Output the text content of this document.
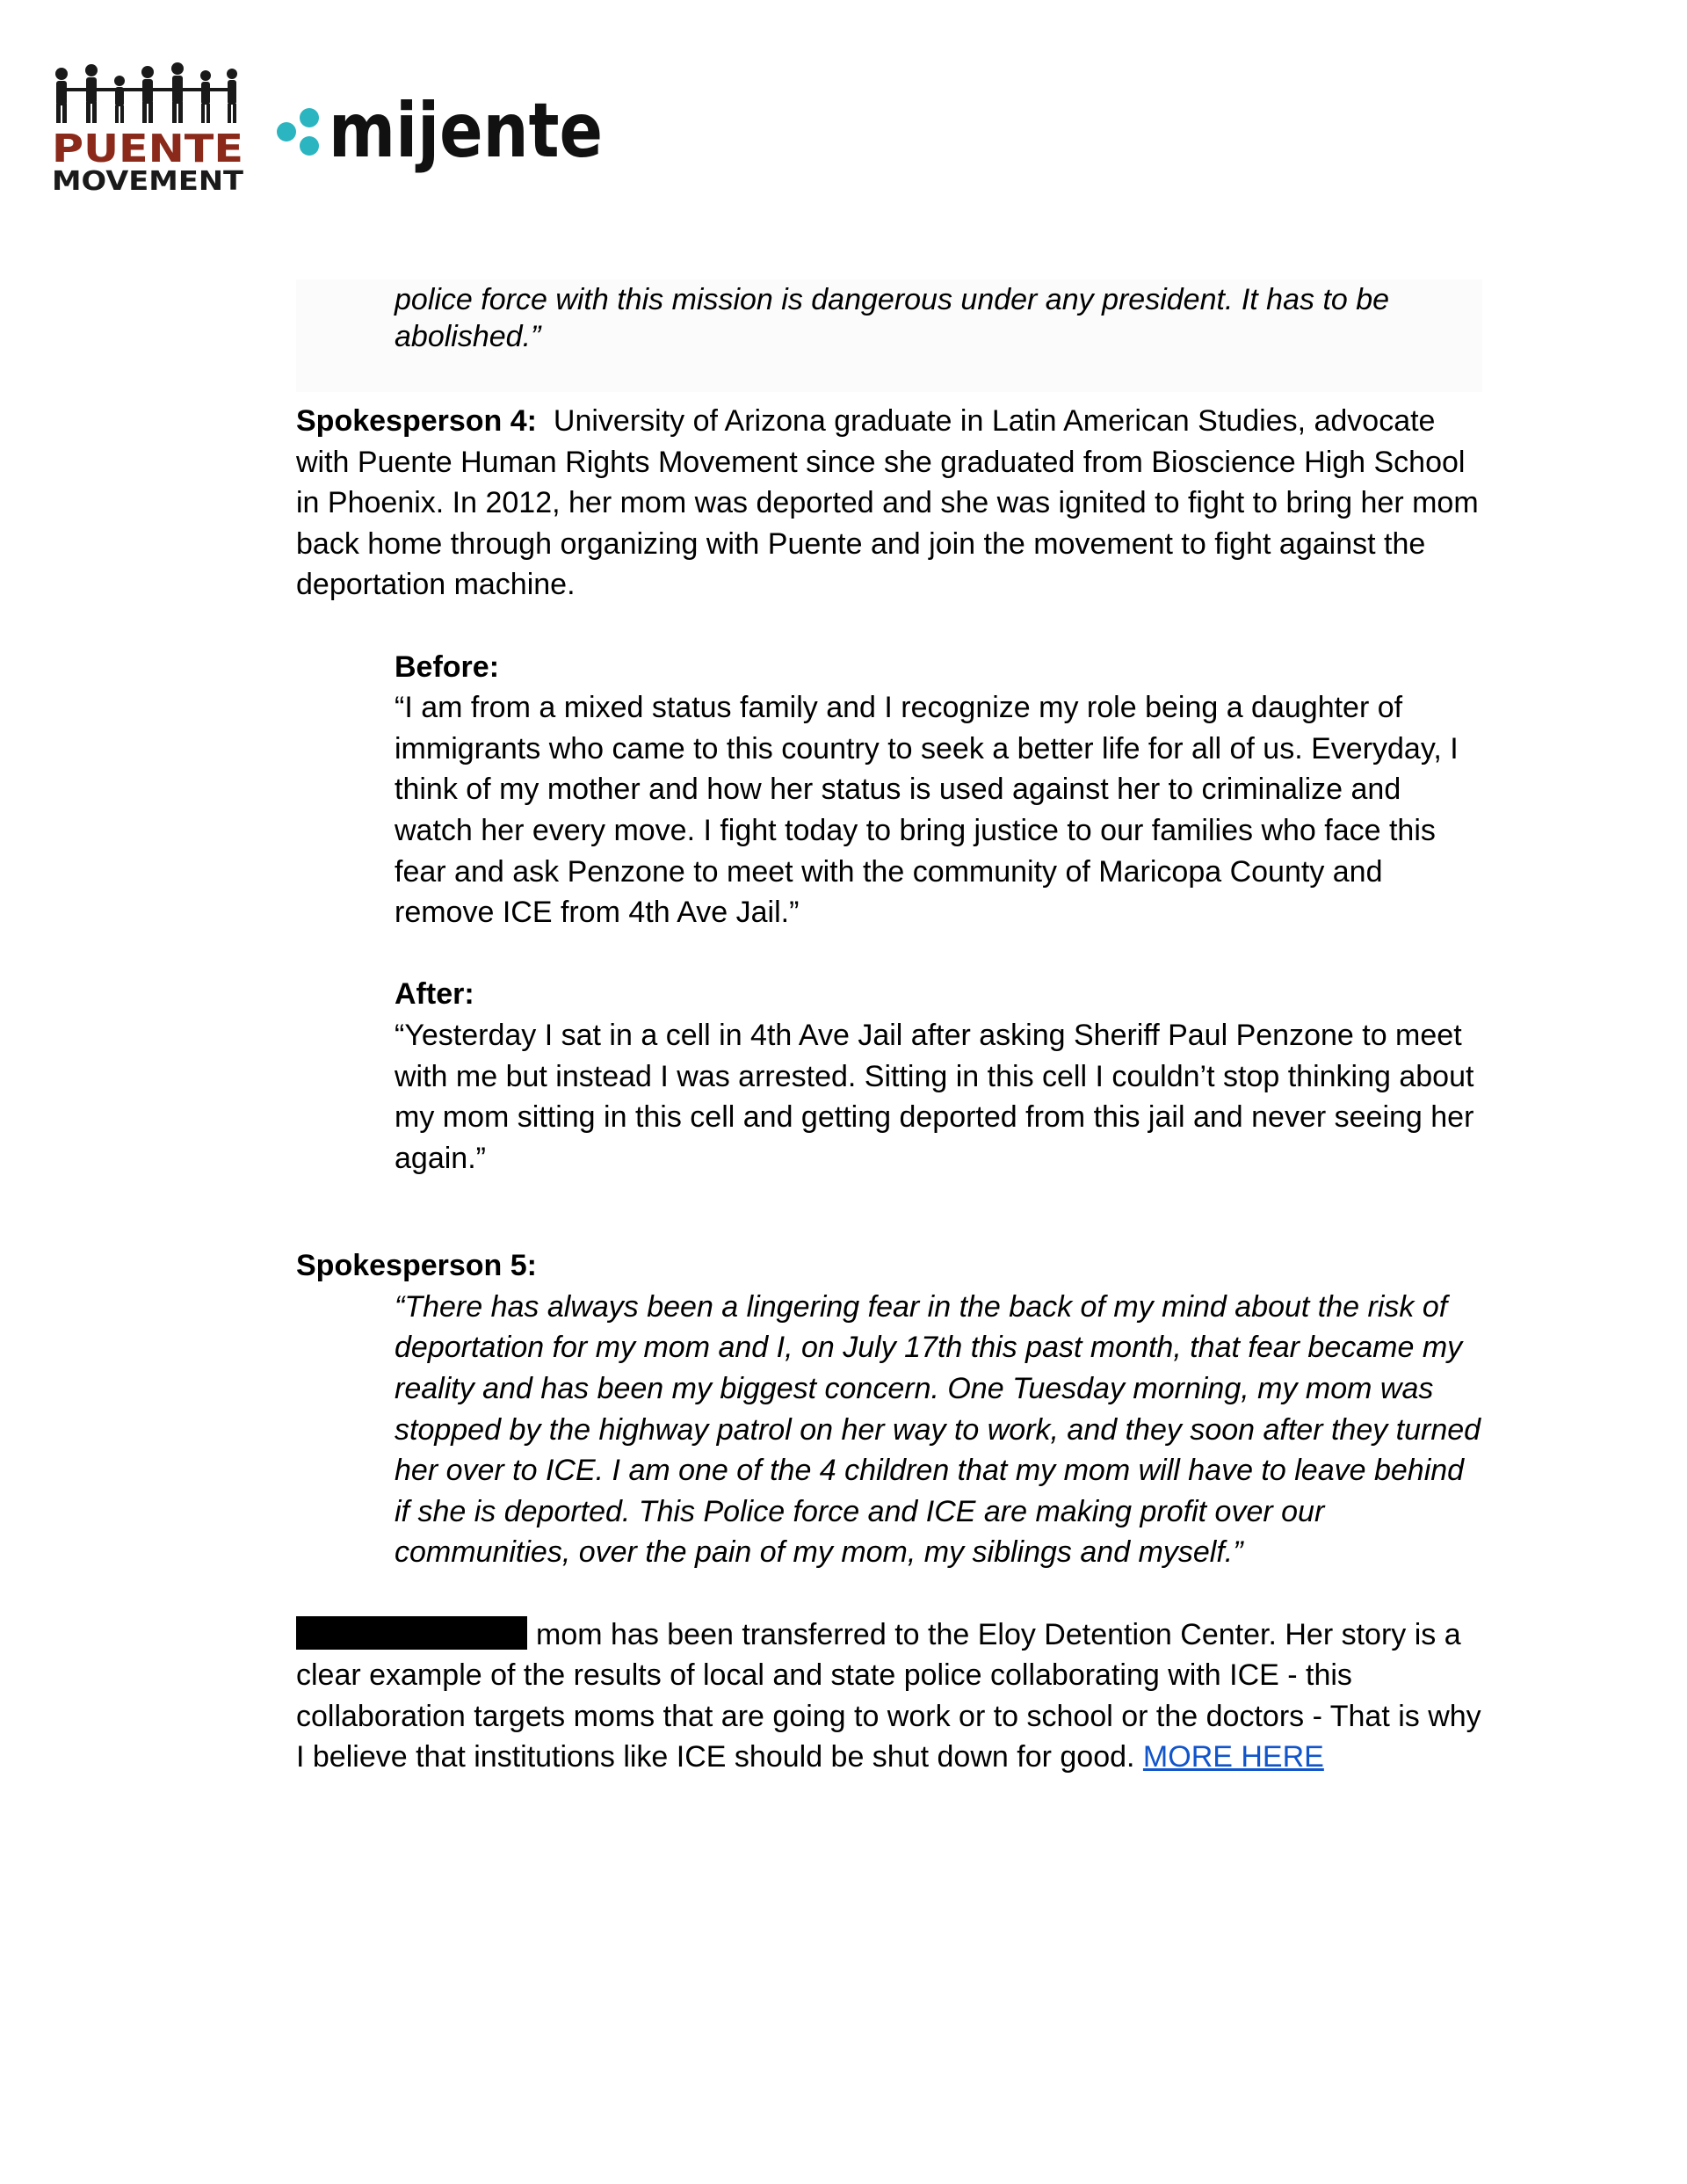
PUENTE
MOVEMENT
mijente

police force with this mission is dangerous under any president. It has to be abolished.”

Spokesperson 4: University of Arizona graduate in Latin American Studies, advocate with Puente Human Rights Movement since she graduated from Bioscience High School in Phoenix. In 2012, her mom was deported and she was ignited to fight to bring her mom back home through organizing with Puente and join the movement to fight against the deportation machine.

Before:

“I am from a mixed status family and I recognize my role being a daughter of immigrants who came to this country to seek a better life for all of us. Everyday, I think of my mother and how her status is used against her to criminalize and watch her every move. I fight today to bring justice to our families who face this fear and ask Penzone to meet with the community of Maricopa County and remove ICE from 4th Ave Jail.”

After:

“Yesterday I sat in a cell in 4th Ave Jail after asking Sheriff Paul Penzone to meet with me but instead I was arrested. Sitting in this cell I couldn’t stop thinking about my mom sitting in this cell and getting deported from this jail and never seeing her again.”

Spokesperson 5:

“There has always been a lingering fear in the back of my mind about the risk of deportation for my mom and I, on July 17th this past month, that fear became my reality and has been my biggest concern. One Tuesday morning, my mom was stopped by the highway patrol on her way to work, and they soon after they turned her over to ICE. I am one of the 4 children that my mom will have to leave behind if she is deported. This Police force and ICE are making profit over our communities, over the pain of my mom, my siblings and myself.”

mom has been transferred to the Eloy Detention Center. Her story is a clear example of the results of local and state police collaborating with ICE - this collaboration targets moms that are going to work or to school or the doctors - That is why I believe that institutions like ICE should be shut down for good. MORE HERE
